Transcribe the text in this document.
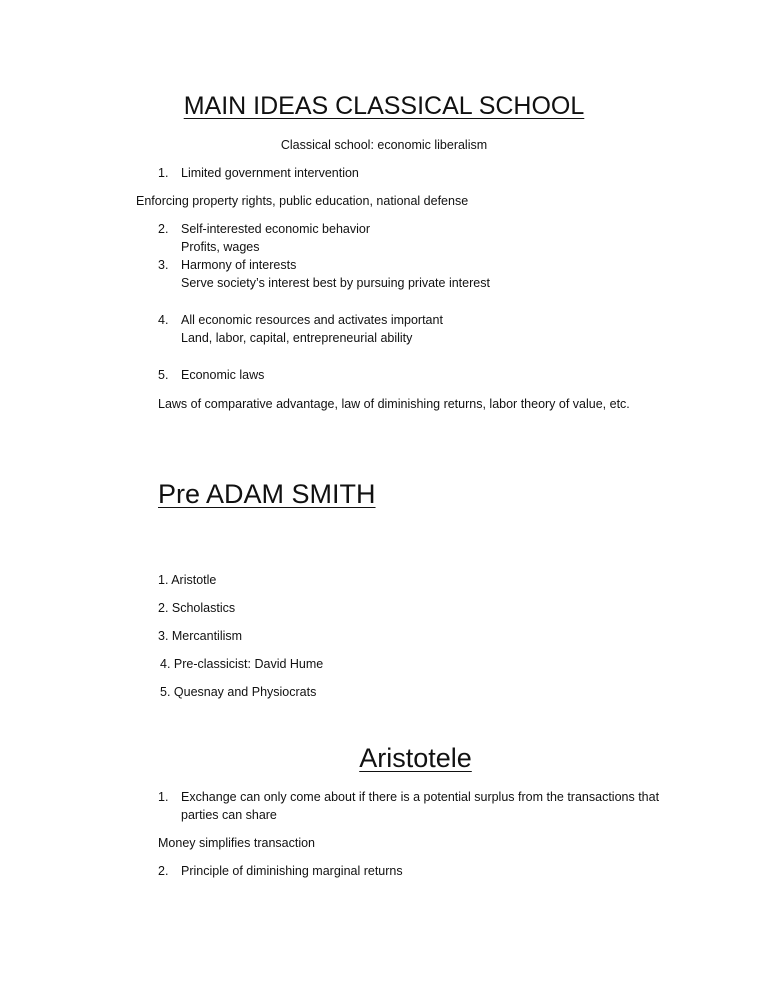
MAIN IDEAS CLASSICAL SCHOOL
Classical school: economic liberalism
1. Limited government intervention
Enforcing property rights, public education, national defense
2. Self-interested economic behavior
Profits, wages
3. Harmony of interests
Serve society’s interest best by pursuing private interest
4. All economic resources and activates important
Land, labor, capital, entrepreneurial ability
5. Economic laws
Laws of comparative advantage, law of diminishing returns, labor theory of value, etc.
Pre ADAM SMITH
1. Aristotle
2. Scholastics
3. Mercantilism
4. Pre-classicist: David Hume
5. Quesnay and Physiocrats
Aristotele
1. Exchange can only come about if there is a potential surplus from the transactions that
parties can share
Money simplifies transaction
2. Principle of diminishing marginal returns
